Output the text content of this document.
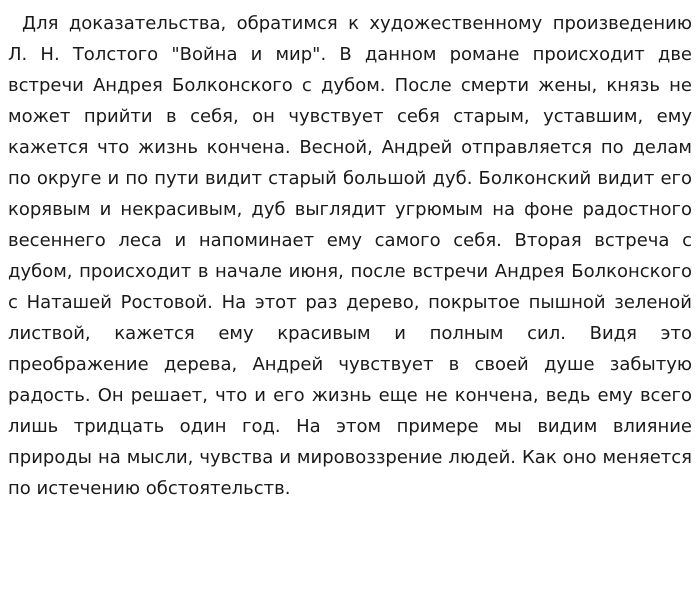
Для доказательства, обратимся к художественному произведению Л. Н. Толстого "Война и мир". В данном романе происходит две встречи Андрея Болконского с дубом. После смерти жены, князь не может прийти в себя, он чувствует себя старым, уставшим, ему кажется что жизнь кончена. Весной, Андрей отправляется по делам по округе и по пути видит старый большой дуб. Болконский видит его корявым и некрасивым, дуб выглядит угрюмым на фоне радостного весеннего леса и напоминает ему самого себя. Вторая встреча с дубом, происходит в начале июня, после встречи Андрея Болконского с Наташей Ростовой. На этот раз дерево, покрытое пышной зеленой листвой, кажется ему красивым и полным сил. Видя это преображение дерева, Андрей чувствует в своей душе забытую радость. Он решает, что и его жизнь еще не кончена, ведь ему всего лишь тридцать один год. На этом примере мы видим влияние природы на мысли, чувства и мировоззрение людей. Как оно меняется по истечению обстоятельств.
